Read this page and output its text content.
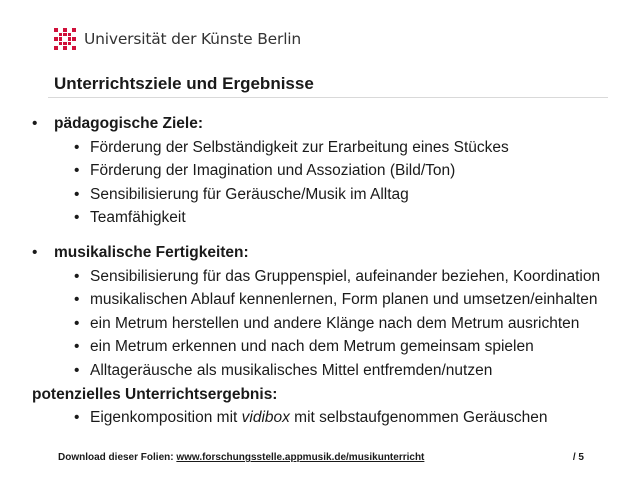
Universität der Künste Berlin
Unterrichtsziele und Ergebnisse
•	pädagogische Ziele:
• Förderung der Selbständigkeit zur Erarbeitung eines Stückes
• Förderung der Imagination und Assoziation (Bild/Ton)
• Sensibilisierung für Geräusche/Musik im Alltag
• Teamfähigkeit
•	musikalische Fertigkeiten:
• Sensibilisierung für das Gruppenspiel, aufeinander beziehen, Koordination
• musikalischen Ablauf kennenlernen, Form planen und umsetzen/einhalten
• ein Metrum herstellen und andere Klänge nach dem Metrum ausrichten
• ein Metrum erkennen und nach dem Metrum gemeinsam spielen
• Alltageräusche als musikalisches Mittel entfremden/nutzen
potenzielles Unterrichtsergebnis:
• Eigenkomposition mit vidibox mit selbstaufgenommen Geräuschen
Download dieser Folien: www.forschungsstelle.appmusik.de/musikunterricht	/ 5
